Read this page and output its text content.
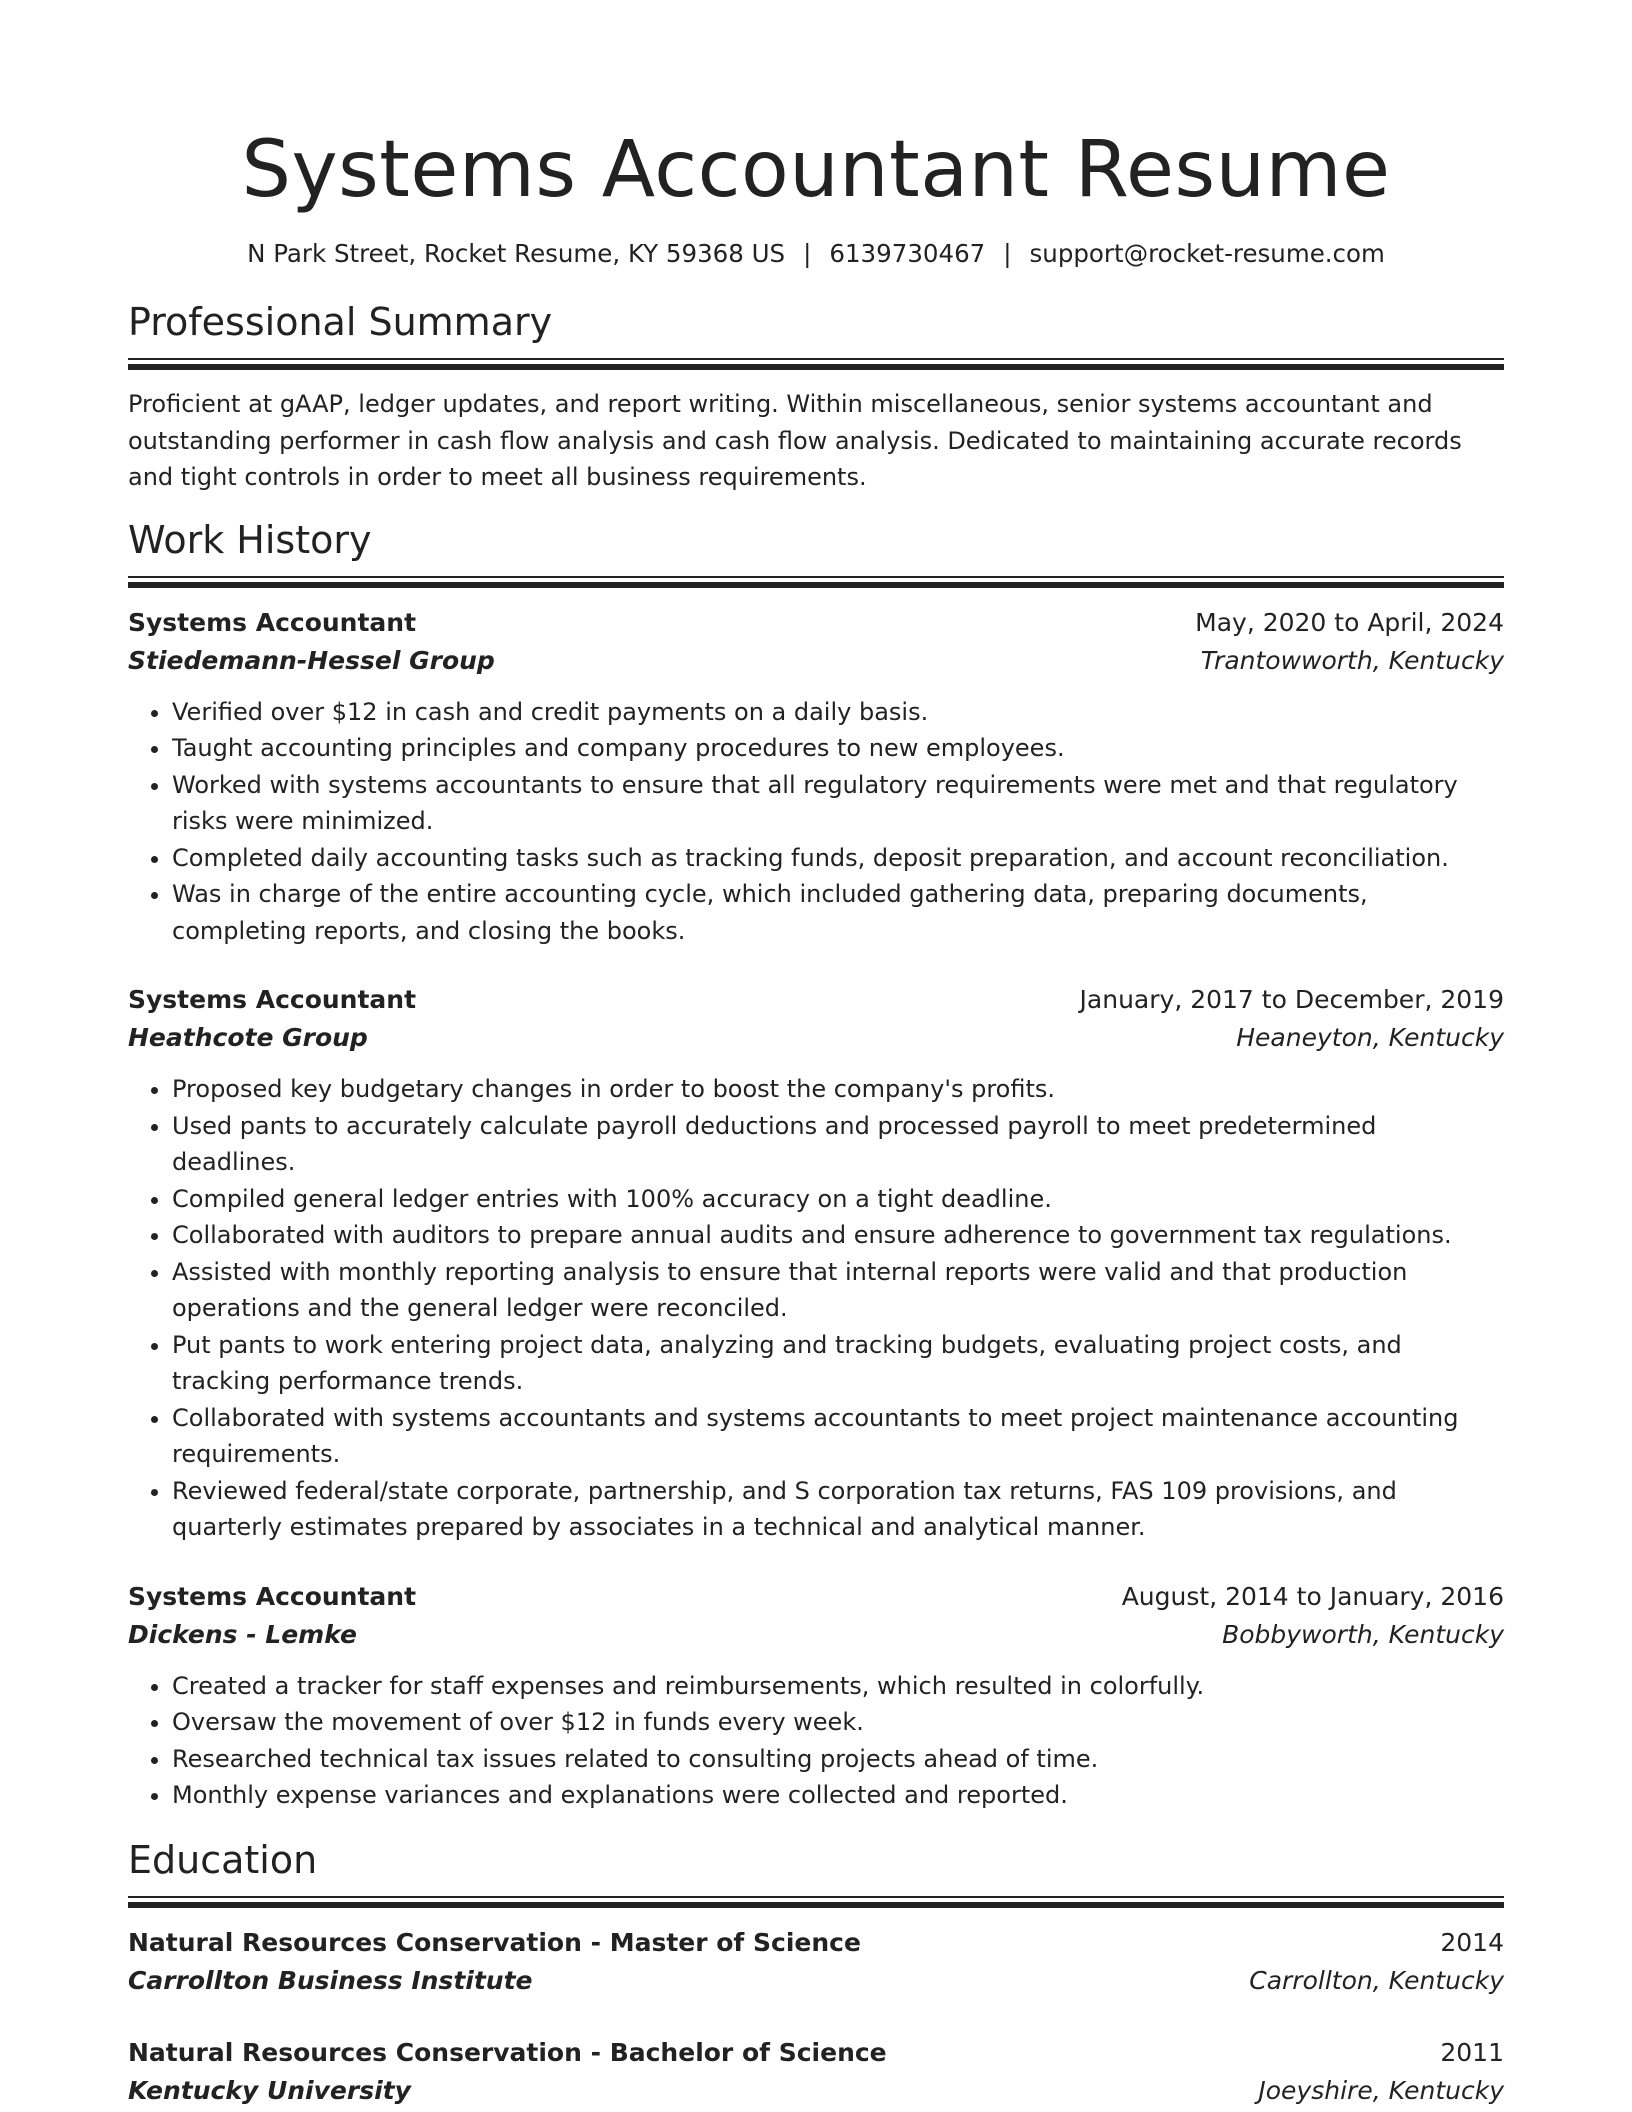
Systems Accountant Resume
N Park Street, Rocket Resume, KY 59368 US | 6139730467 | support@rocket-resume.com
Professional Summary

Proficient at gAAP, ledger updates, and report writing. Within miscellaneous, senior systems accountant and outstanding performer in cash flow analysis and cash flow analysis. Dedicated to maintaining accurate records and tight controls in order to meet all business requirements.

Work History
Systems Accountant	May, 2020 to April, 2024
Stiedemann-Hessel Group	Trantowworth, Kentucky
• Verified over $12 in cash and credit payments on a daily basis.
• Taught accounting principles and company procedures to new employees.
• Worked with systems accountants to ensure that all regulatory requirements were met and that regulatory risks were minimized.
• Completed daily accounting tasks such as tracking funds, deposit preparation, and account reconciliation.
• Was in charge of the entire accounting cycle, which included gathering data, preparing documents, completing reports, and closing the books.
Systems Accountant	January, 2017 to December, 2019
Heathcote Group	Heaneyton, Kentucky
• Proposed key budgetary changes in order to boost the company's profits.
• Used pants to accurately calculate payroll deductions and processed payroll to meet predetermined deadlines.
• Compiled general ledger entries with 100% accuracy on a tight deadline.
• Collaborated with auditors to prepare annual audits and ensure adherence to government tax regulations.
• Assisted with monthly reporting analysis to ensure that internal reports were valid and that production operations and the general ledger were reconciled.
• Put pants to work entering project data, analyzing and tracking budgets, evaluating project costs, and tracking performance trends.
• Collaborated with systems accountants and systems accountants to meet project maintenance accounting requirements.
• Reviewed federal/state corporate, partnership, and S corporation tax returns, FAS 109 provisions, and quarterly estimates prepared by associates in a technical and analytical manner.
Systems Accountant	August, 2014 to January, 2016
Dickens - Lemke	Bobbyworth, Kentucky
• Created a tracker for staff expenses and reimbursements, which resulted in colorfully.
• Oversaw the movement of over $12 in funds every week.
• Researched technical tax issues related to consulting projects ahead of time.
• Monthly expense variances and explanations were collected and reported.
Education
Natural Resources Conservation - Master of Science	2014
Carrollton Business Institute	Carrollton, Kentucky
Natural Resources Conservation - Bachelor of Science	2011
Kentucky University	Joeyshire, Kentucky
